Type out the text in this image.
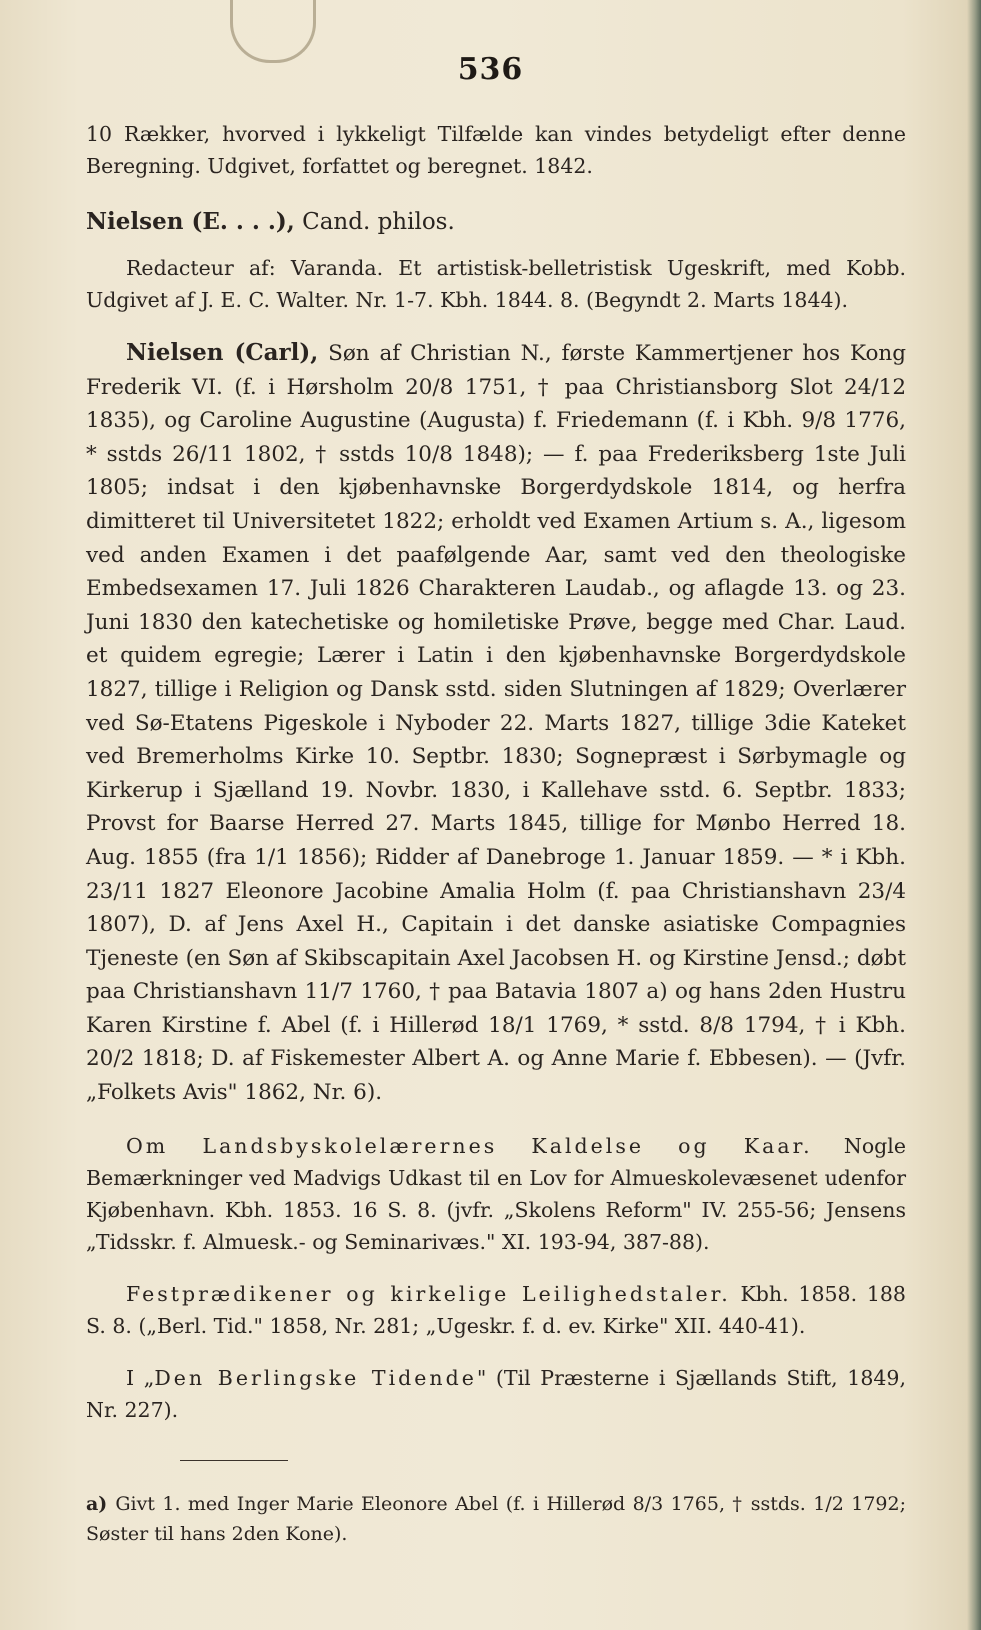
536

10 Rækker, hvorved i lykkeligt Tilfælde kan vindes betydeligt efter denne Beregning. Udgivet, forfattet og beregnet. 1842.

Nielsen (E. . . .), Cand. philos.

Redacteur af: Varanda. Et artistisk-belletristisk Ugeskrift, med Kobb. Udgivet af J. E. C. Walter. Nr. 1-7. Kbh. 1844. 8. (Begyndt 2. Marts 1844).

Nielsen (Carl), Søn af Christian N., første Kammertjener hos Kong Frederik VI. (f. i Hørsholm 20/8 1751, † paa Christiansborg Slot 24/12 1835), og Caroline Augustine (Augusta) f. Friedemann (f. i Kbh. 9/8 1776, * sstds 26/11 1802, † sstds 10/8 1848); — f. paa Frederiksberg 1ste Juli 1805; indsat i den kjøbenhavnske Borgerdydskole 1814, og herfra dimitteret til Universitetet 1822; erholdt ved Examen Artium s. A., ligesom ved anden Examen i det paafølgende Aar, samt ved den theologiske Embedsexamen 17. Juli 1826 Charakteren Laudab., og aflagde 13. og 23. Juni 1830 den katechetiske og homiletiske Prøve, begge med Char. Laud. et quidem egregie; Lærer i Latin i den kjøbenhavnske Borgerdydskole 1827, tillige i Religion og Dansk sstd. siden Slutningen af 1829; Overlærer ved Sø-Etatens Pigeskole i Nyboder 22. Marts 1827, tillige 3die Kateket ved Bremerholms Kirke 10. Septbr. 1830; Sognepræst i Sørbymagle og Kirkerup i Sjælland 19. Novbr. 1830, i Kallehave sstd. 6. Septbr. 1833; Provst for Baarse Herred 27. Marts 1845, tillige for Mønbo Herred 18. Aug. 1855 (fra 1/1 1856); Ridder af Danebroge 1. Januar 1859. — * i Kbh. 23/11 1827 Eleonore Jacobine Amalia Holm (f. paa Christianshavn 23/4 1807), D. af Jens Axel H., Capitain i det danske asiatiske Compagnies Tjeneste (en Søn af Skibscapitain Axel Jacobsen H. og Kirstine Jensd.; døbt paa Christianshavn 11/7 1760, † paa Batavia 1807 a) og hans 2den Hustru Karen Kirstine f. Abel (f. i Hillerød 18/1 1769, * sstd. 8/8 1794, † i Kbh. 20/2 1818; D. af Fiskemester Albert A. og Anne Marie f. Ebbesen). — (Jvfr. „Folkets Avis" 1862, Nr. 6).

Om Landsbyskolelærernes Kaldelse og Kaar. Nogle Bemærkninger ved Madvigs Udkast til en Lov for Almueskolevæsenet udenfor Kjøbenhavn. Kbh. 1853. 16 S. 8. (jvfr. „Skolens Reform" IV. 255-56; Jensens „Tidsskr. f. Almuesk.- og Seminarivæs." XI. 193-94, 387-88).

Festprædikener og kirkelige Leilighedstaler. Kbh. 1858. 188 S. 8. („Berl. Tid." 1858, Nr. 281; „Ugeskr. f. d. ev. Kirke" XII. 440-41).

I „Den Berlingske Tidende" (Til Præsterne i Sjællands Stift, 1849, Nr. 227).

a) Givt 1. med Inger Marie Eleonore Abel (f. i Hillerød 8/3 1765, † sstds. 1/2 1792; Søster til hans 2den Kone).
